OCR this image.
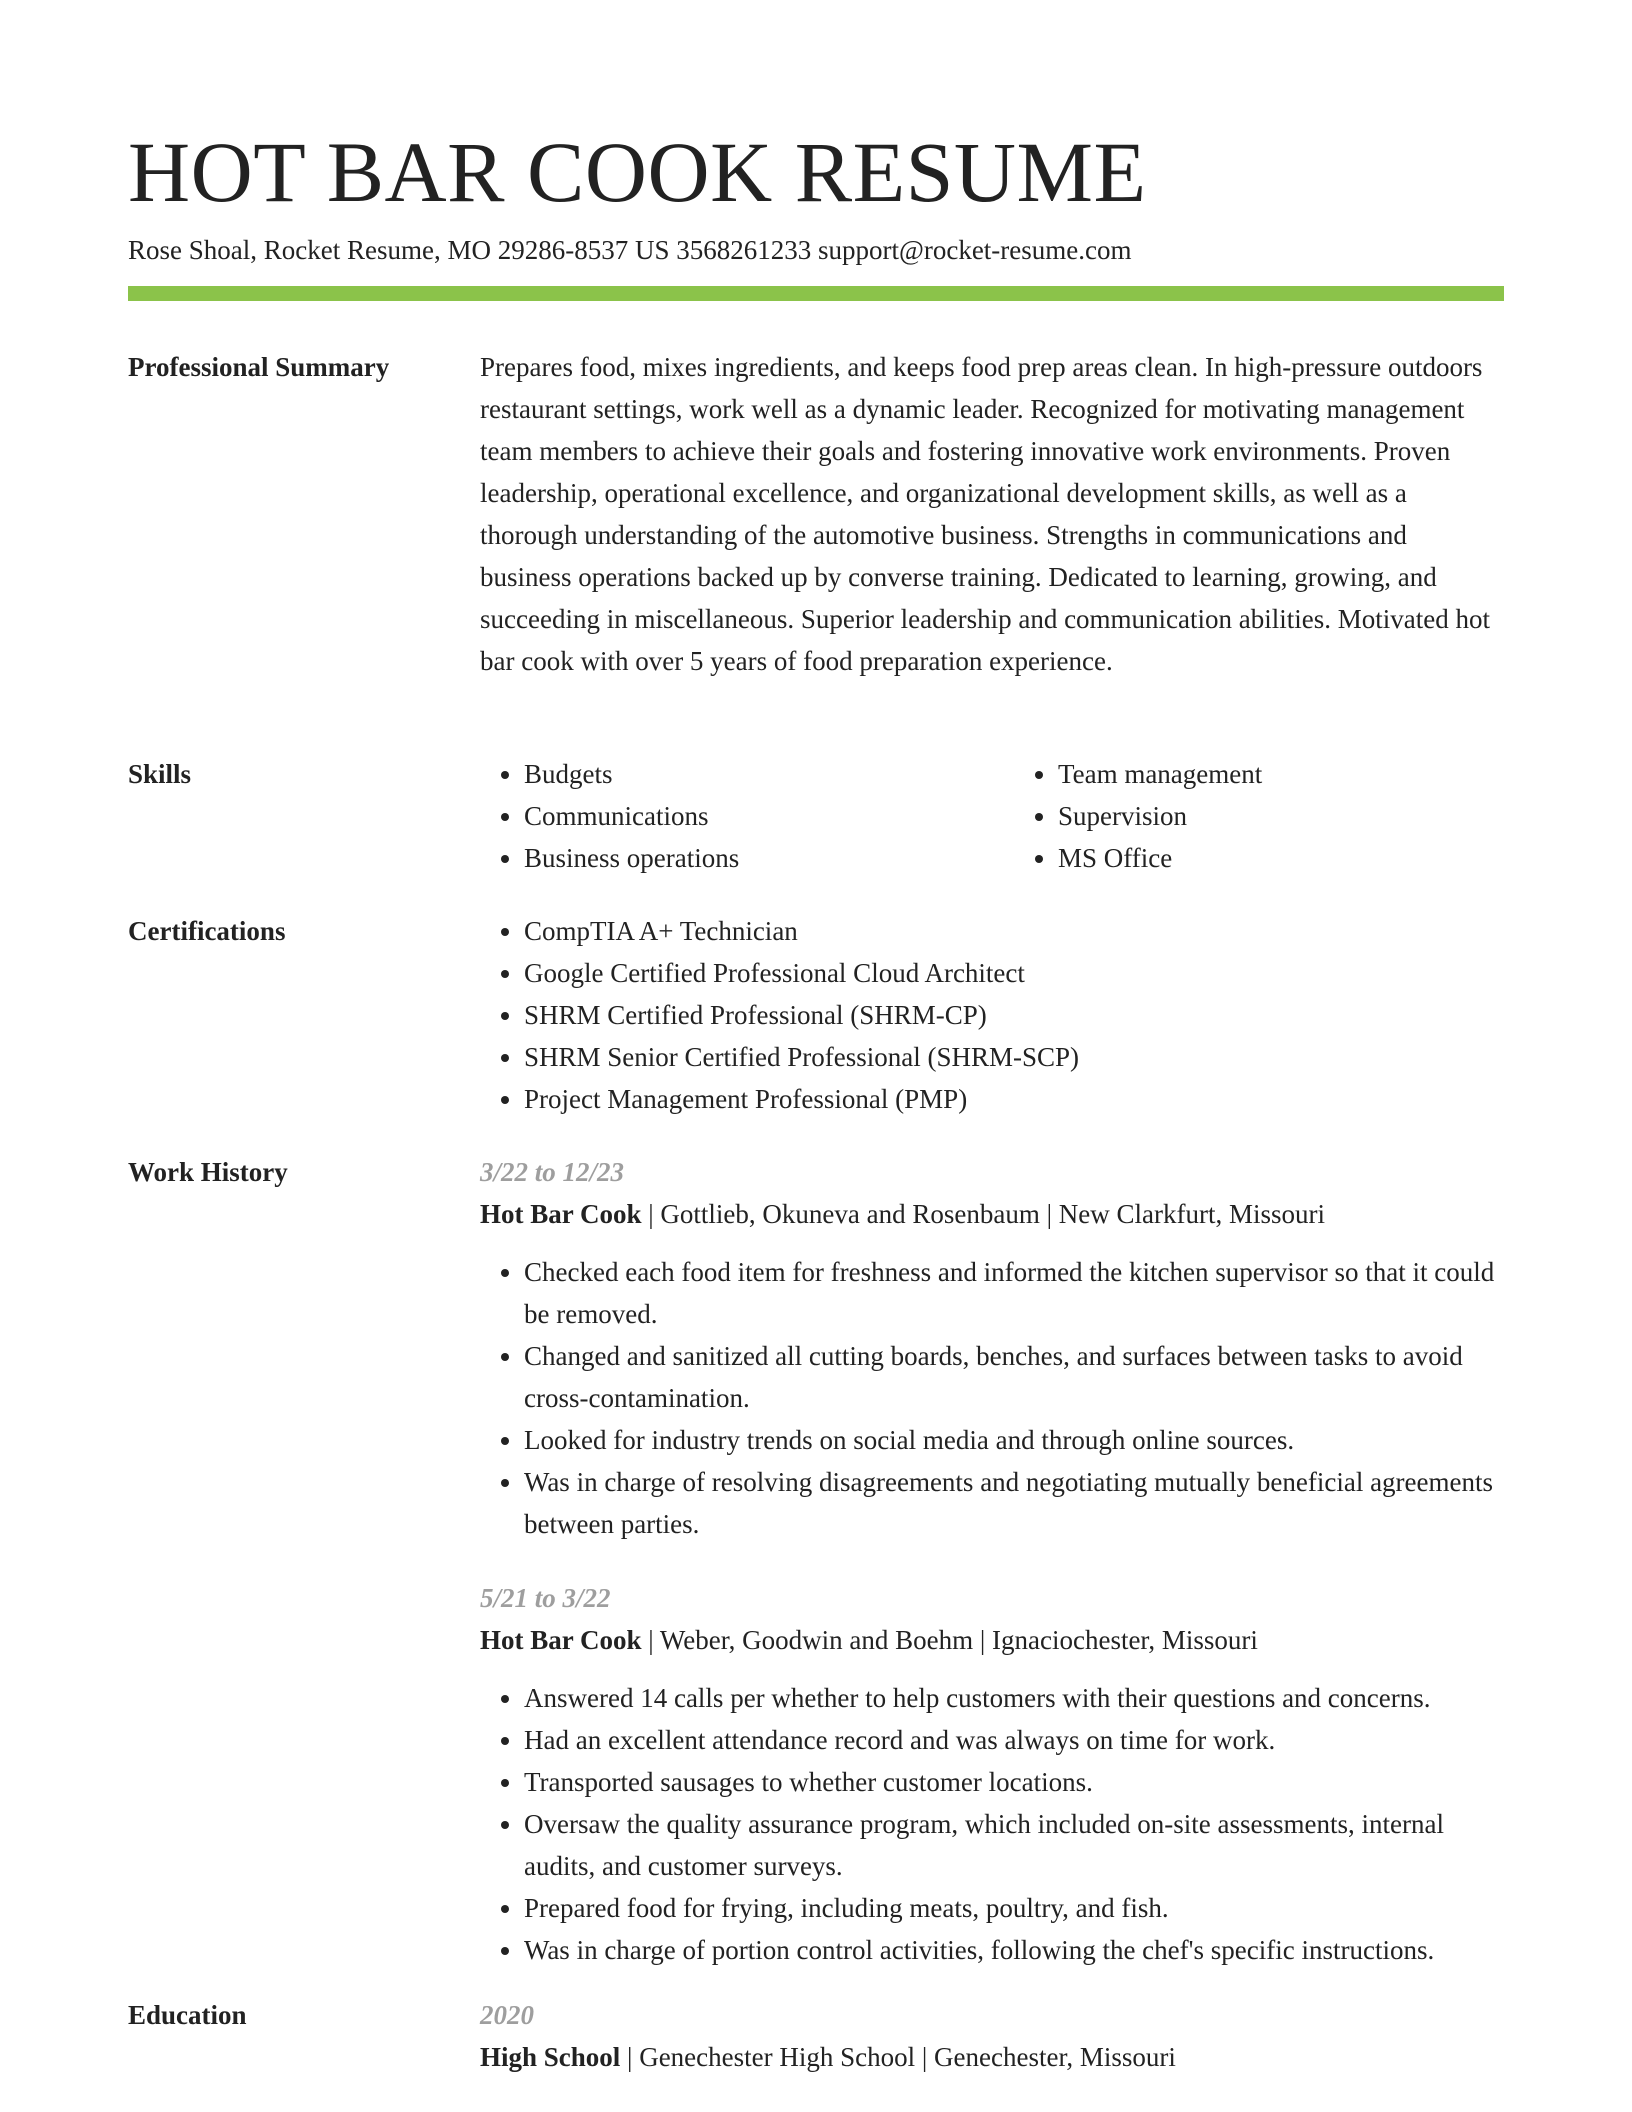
HOT BAR COOK RESUME
Rose Shoal, Rocket Resume, MO 29286-8537 US 3568261233 support@rocket-resume.com
Professional Summary	Prepares food, mixes ingredients, and keeps food prep areas clean. In high-pressure outdoors restaurant settings, work well as a dynamic leader. Recognized for motivating management team members to achieve their goals and fostering innovative work environments. Proven leadership, operational excellence, and organizational development skills, as well as a thorough understanding of the automotive business. Strengths in communications and business operations backed up by converse training. Dedicated to learning, growing, and succeeding in miscellaneous. Superior leadership and communication abilities. Motivated hot bar cook with over 5 years of food preparation experience.

Skills	• Budgets
• Communications
• Business operations
• Team management
• Supervision
• MS Office
Certifications	• CompTIA A+ Technician
• Google Certified Professional Cloud Architect
• SHRM Certified Professional (SHRM-CP)
• SHRM Senior Certified Professional (SHRM-SCP)
• Project Management Professional (PMP)
Work History	3/22 to 12/23
Hot Bar Cook | Gottlieb, Okuneva and Rosenbaum | New Clarkfurt, Missouri
• Checked each food item for freshness and informed the kitchen supervisor so that it could be removed.
• Changed and sanitized all cutting boards, benches, and surfaces between tasks to avoid cross-contamination.
• Looked for industry trends on social media and through online sources.
• Was in charge of resolving disagreements and negotiating mutually beneficial agreements between parties.
5/21 to 3/22
Hot Bar Cook | Weber, Goodwin and Boehm | Ignaciochester, Missouri
• Answered 14 calls per whether to help customers with their questions and concerns.
• Had an excellent attendance record and was always on time for work.
• Transported sausages to whether customer locations.
• Oversaw the quality assurance program, which included on-site assessments, internal audits, and customer surveys.
• Prepared food for frying, including meats, poultry, and fish.
• Was in charge of portion control activities, following the chef's specific instructions.
Education	2020
High School | Genechester High School | Genechester, Missouri
